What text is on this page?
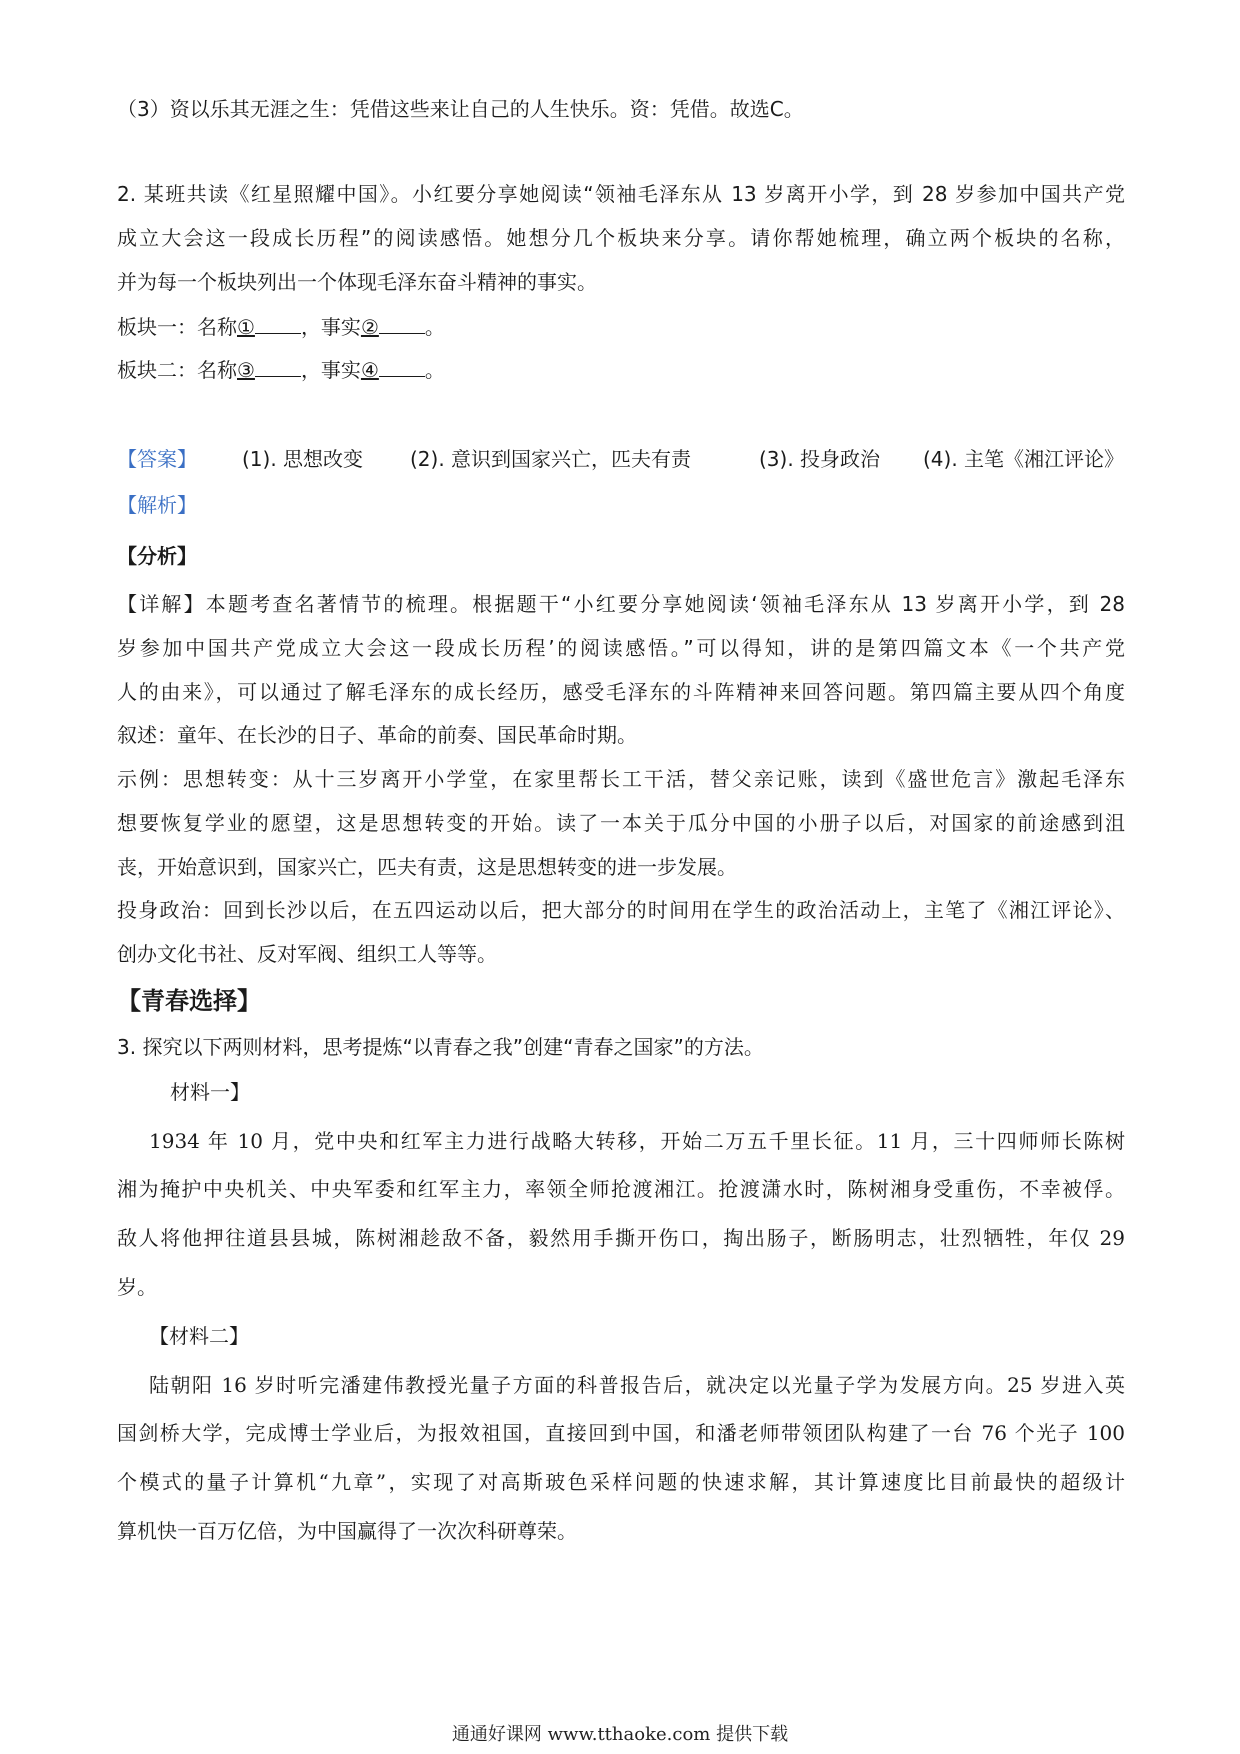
（3）资以乐其无涯之生：凭借这些来让自己的人生快乐。资：凭借。故选C。

2. 某班共读《红星照耀中国》。小红要分享她阅读“领袖毛泽东从 13 岁离开小学，到 28 岁参加中国共产党

成立大会这一段成长历程”的阅读感悟。她想分几个板块来分享。请你帮她梳理，确立两个板块的名称，

并为每一个板块列出一个体现毛泽东奋斗精神的事实。

板块一：名称① ，事实② 。

板块二：名称③ ，事实④ 。

【答案】 (1). 思想改变 (2). 意识到国家兴亡，匹夫有责	(3). 投身政治 (4). 主笔《湘江评论》

【解析】

【分析】

【详解】本题考查名著情节的梳理。根据题干“小红要分享她阅读‘领袖毛泽东从 13 岁离开小学，到 28

岁参加中国共产党成立大会这一段成长历程’的阅读感悟。”可以得知，讲的是第四篇文本《一个共产党

人的由来》，可以通过了解毛泽东的成长经历，感受毛泽东的斗阵精神来回答问题。第四篇主要从四个角度

叙述：童年、在长沙的日子、革命的前奏、国民革命时期。

示例：思想转变：从十三岁离开小学堂，在家里帮长工干活，替父亲记账，读到《盛世危言》激起毛泽东

想要恢复学业的愿望，这是思想转变的开始。读了一本关于瓜分中国的小册子以后，对国家的前途感到沮

丧，开始意识到，国家兴亡，匹夫有责，这是思想转变的进一步发展。

投身政治：回到长沙以后，在五四运动以后，把大部分的时间用在学生的政治活动上，主笔了《湘江评论》、

创办文化书社、反对军阀、组织工人等等。

【青春选择】

3. 探究以下两则材料，思考提炼“以青春之我”创建“青春之国家”的方法。

材料一】

1934 年 10 月，党中央和红军主力进行战略大转移，开始二万五千里长征。11 月，三十四师师长陈树

湘为掩护中央机关、中央军委和红军主力，率领全师抢渡湘江。抢渡潇水时，陈树湘身受重伤，不幸被俘。

敌人将他押往道县县城，陈树湘趁敌不备，毅然用手撕开伤口，掏出肠子，断肠明志，壮烈牺牲，年仅 29

岁。

【材料二】

陆朝阳 16 岁时听完潘建伟教授光量子方面的科普报告后，就决定以光量子学为发展方向。25 岁进入英

国剑桥大学，完成博士学业后，为报效祖国，直接回到中国，和潘老师带领团队构建了一台 76 个光子 100

个模式的量子计算机“九章”，实现了对高斯玻色采样问题的快速求解，其计算速度比目前最快的超级计

算机快一百万亿倍，为中国赢得了一次次科研尊荣。

通通好课网 www.tthaoke.com 提供下载
